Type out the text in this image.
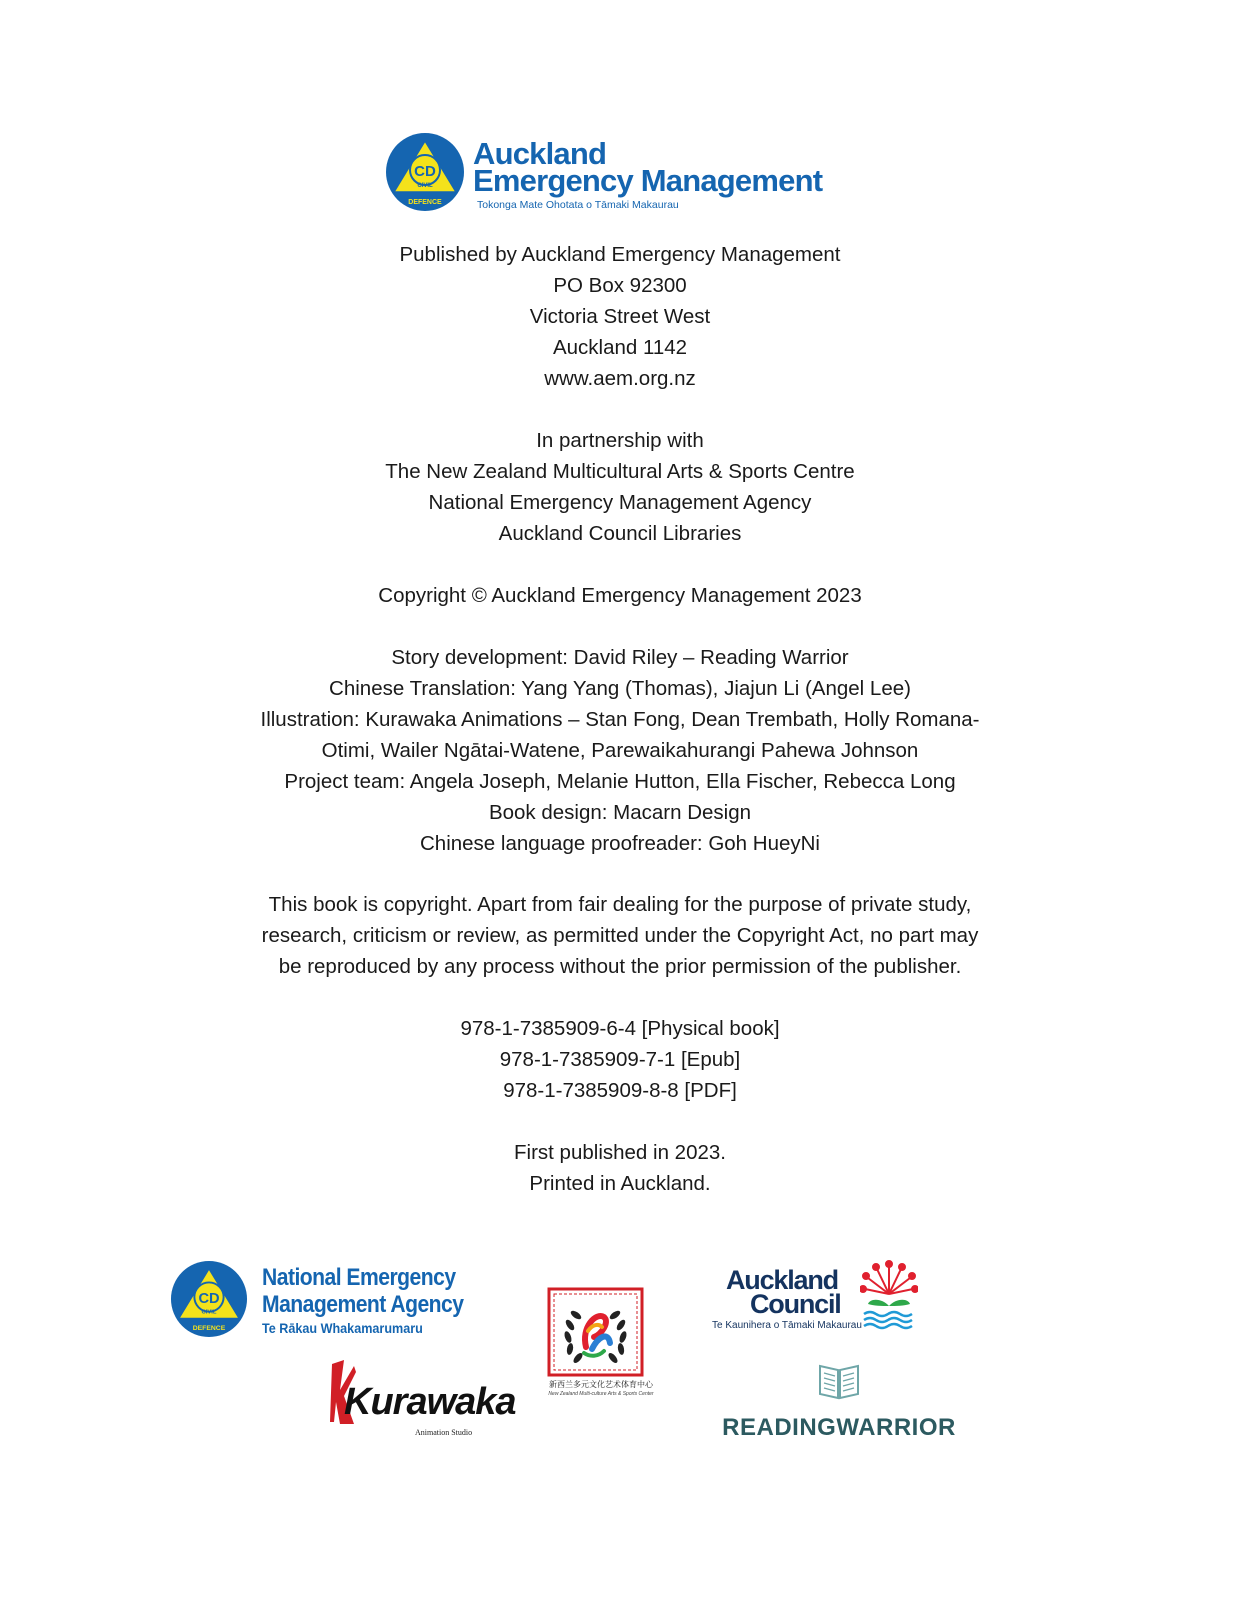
CD
CIVIL
DEFENCE
Auckland
Emergency Management
Tokonga Mate Ohotata o Tāmaki Makaurau
Published by Auckland Emergency Management
PO Box 92300
Victoria Street West
Auckland 1142
www.aem.org.nz
In partnership with
The New Zealand Multicultural Arts & Sports Centre
National Emergency Management Agency
Auckland Council Libraries
Copyright © Auckland Emergency Management 2023
Story development: David Riley – Reading Warrior
Chinese Translation: Yang Yang (Thomas), Jiajun Li (Angel Lee)
Illustration: Kurawaka Animations – Stan Fong, Dean Trembath, Holly Romana-
Otimi, Wailer Ngātai-Watene, Parewaikahurangi Pahewa Johnson
Project team: Angela Joseph, Melanie Hutton, Ella Fischer, Rebecca Long
Book design: Macarn Design
Chinese language proofreader: Goh HueyNi
This book is copyright. Apart from fair dealing for the purpose of private study,
research, criticism or review, as permitted under the Copyright Act, no part may
be reproduced by any process without the prior permission of the publisher.
978-1-7385909-6-4 [Physical book]
978-1-7385909-7-1 [Epub]
978-1-7385909-8-8 [PDF]
First published in 2023.
Printed in Auckland.
CD
CIVIL
DEFENCE
National Emergency
Management Agency
Te Rākau Whakamarumaru
新西兰多元文化艺术体育中心
New Zealand Multi-culture Arts & Sports Center
Auckland
Council
Te Kaunihera o Tāmaki Makaurau
Kurawaka
Animation Studio	READINGWARRIOR
